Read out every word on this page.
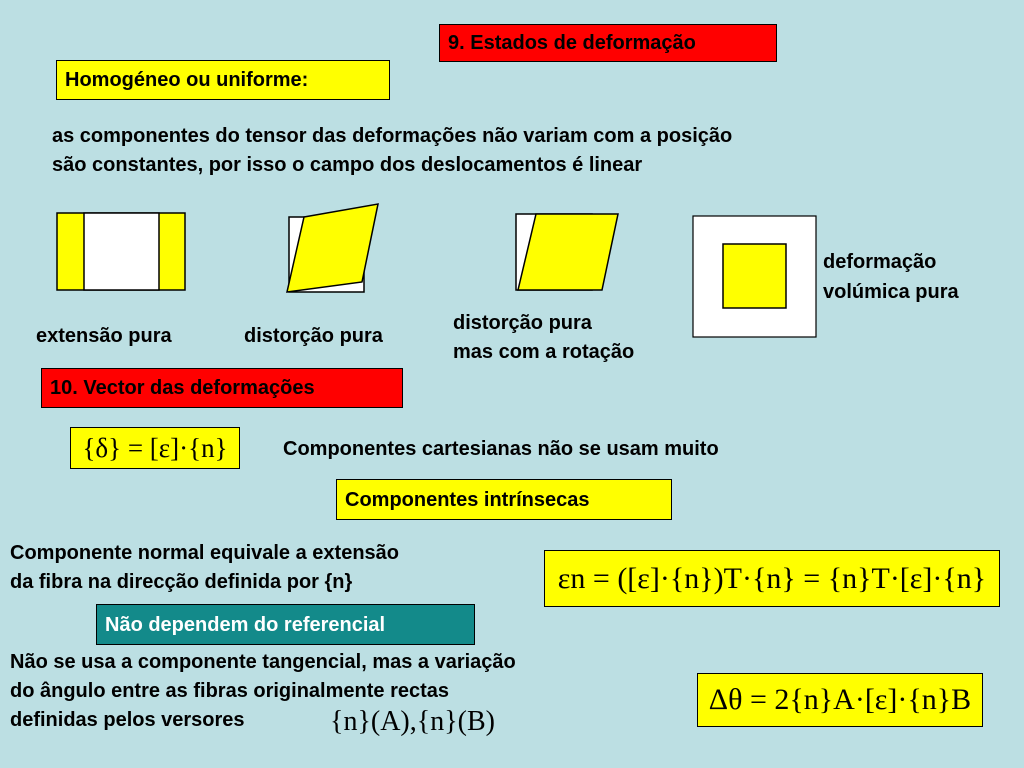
9. Estados de deformação
Homogéneo ou uniforme:
as componentes do tensor das deformações não variam com a posição
são constantes, por isso o campo dos deslocamentos é linear
extensão pura	distorção pura
distorção pura
mas com a rotação
deformação
volúmica pura
10. Vector das deformações
{δ} = [ε]·{n}	Componentes cartesianas não se usam muito
Componentes intrínsecas
Componente normal equivale a extensão
da fibra na direcção definida por {n}	εn = ([ε]·{n})T·{n} = {n}T·[ε]·{n}
Não dependem do referencial
Não se usa a componente tangencial, mas a variação
do ângulo entre as fibras originalmente rectas
definidas pelos versores	{n}(A),{n}(B)
Δθ = 2{n}A·[ε]·{n}B
